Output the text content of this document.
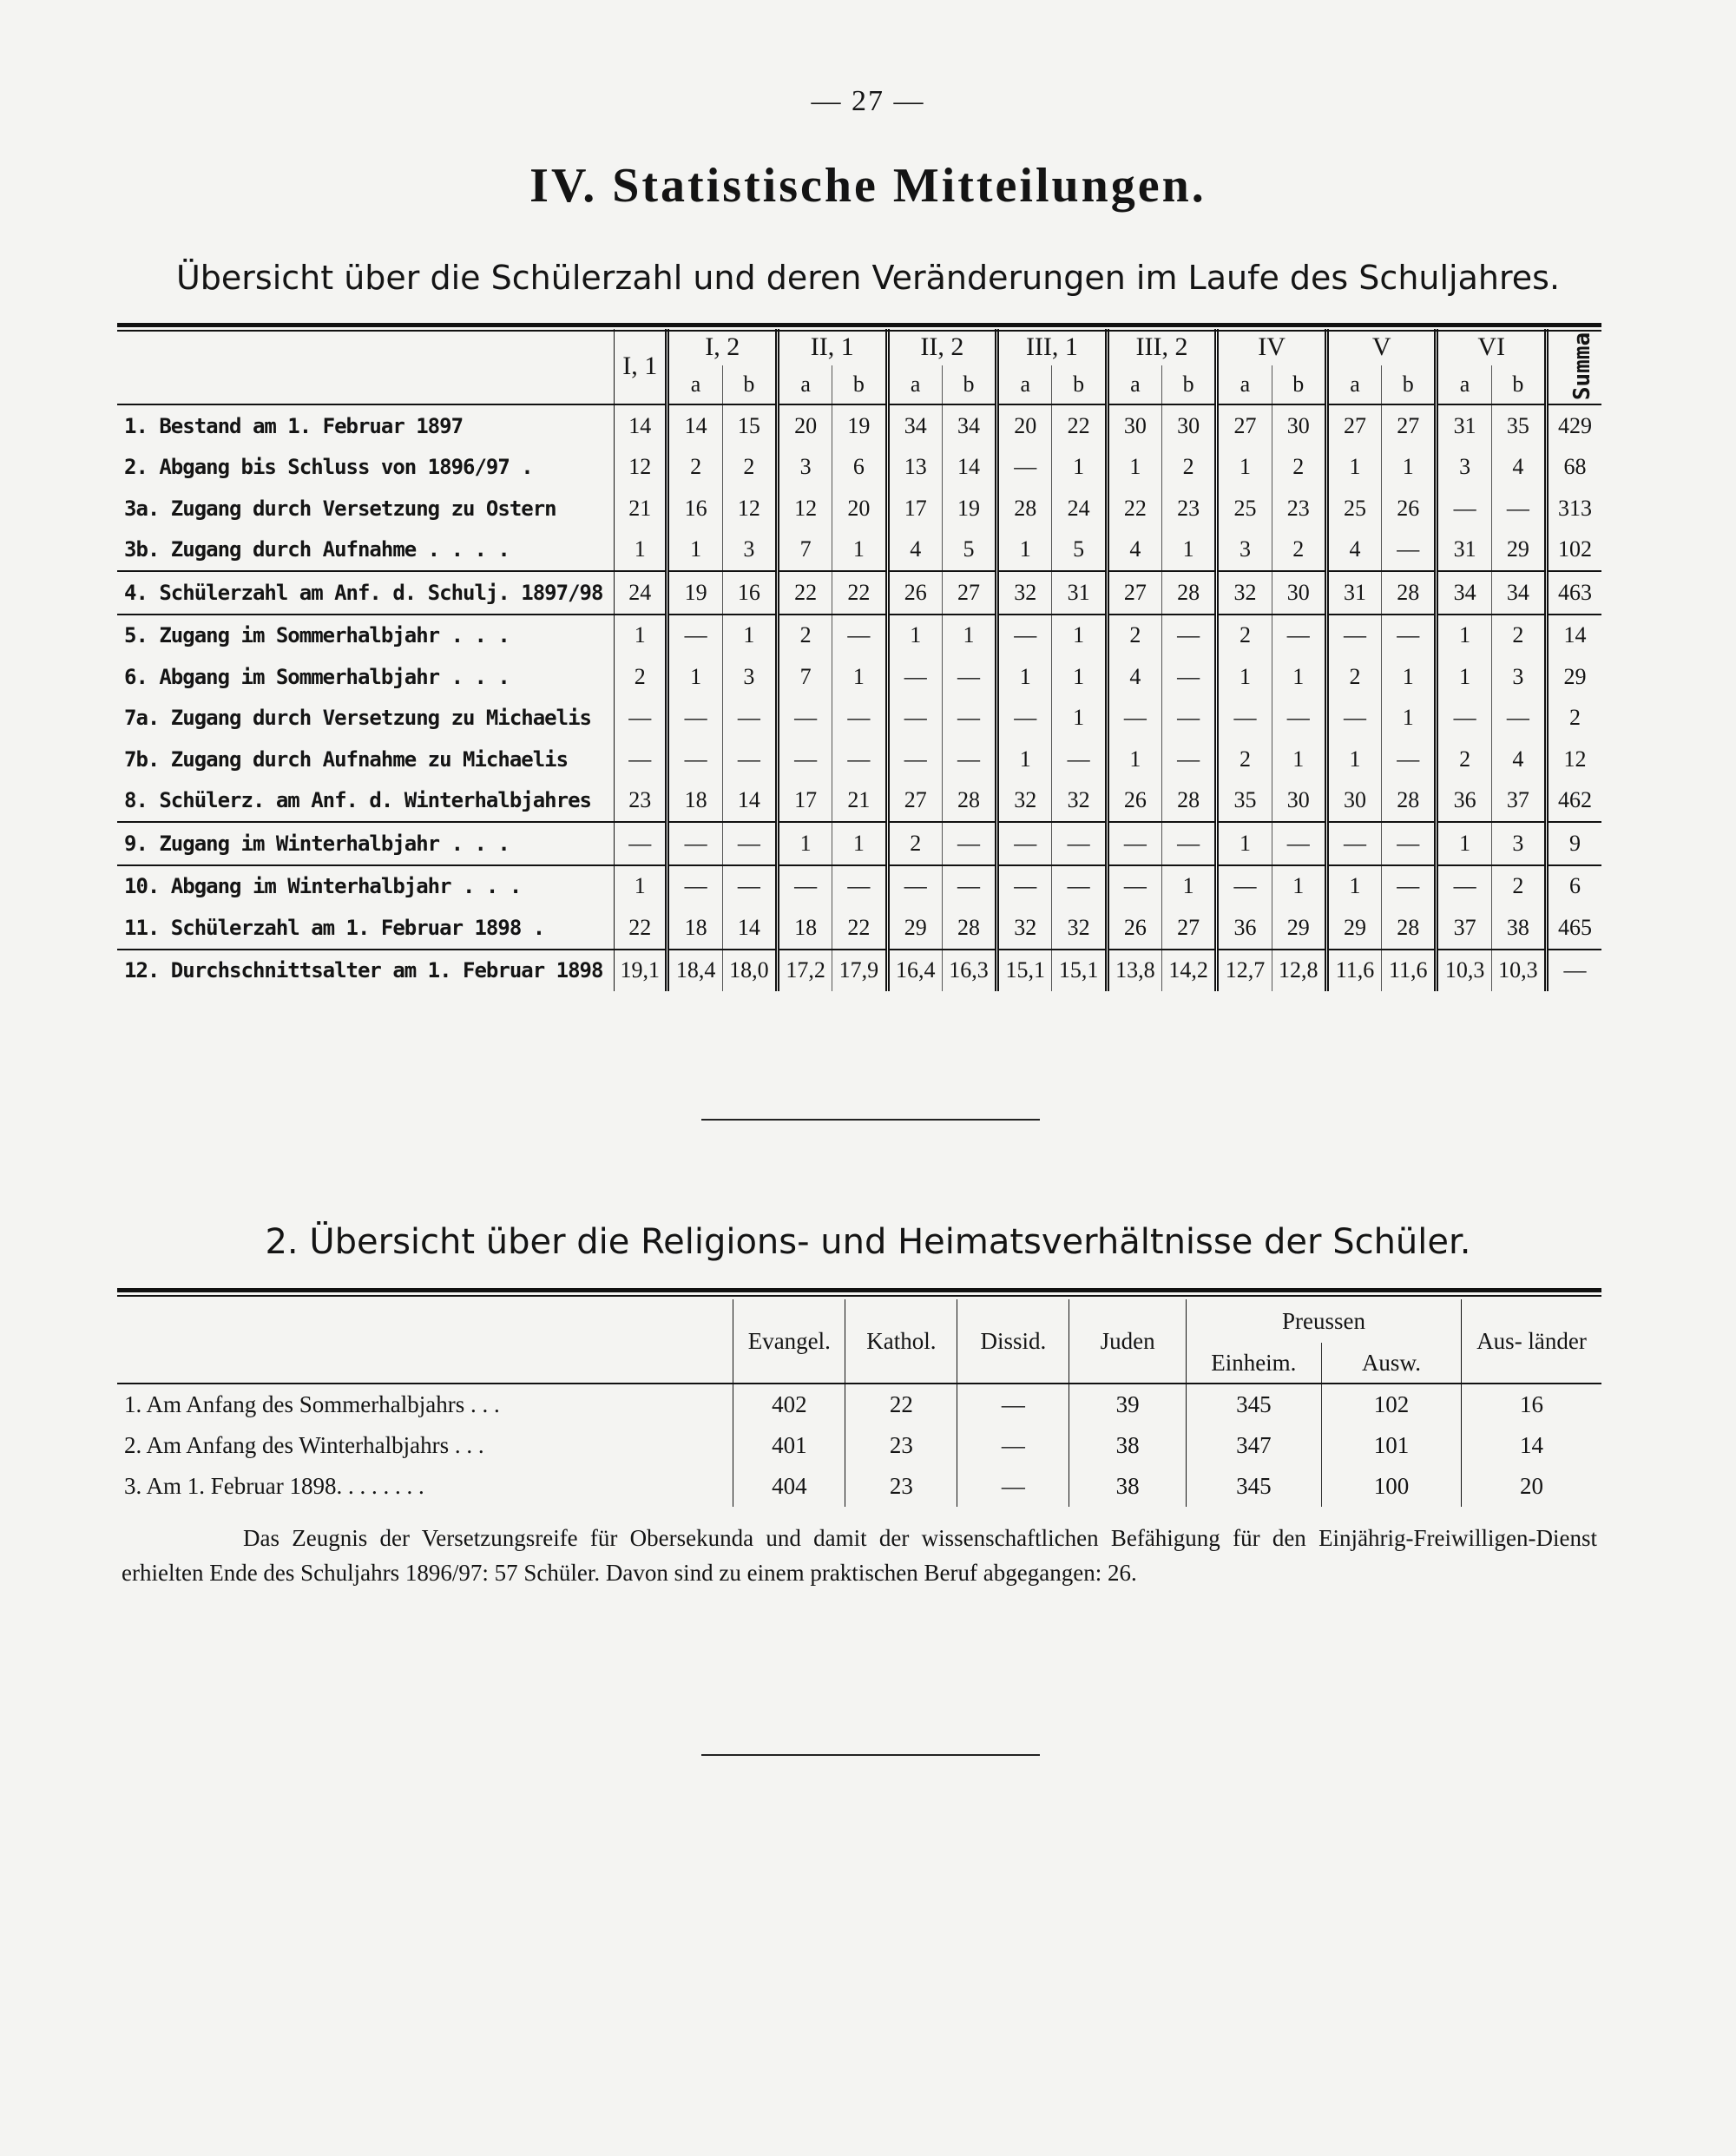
— 27 —
IV. Statistische Mitteilungen.
Übersicht über die Schülerzahl und deren Veränderungen im Laufe des Schuljahres.
	I, 1	I, 2		II, 1		II, 2		III, 1		III, 2		IV		V		VI		Summa
		a	b	a	b	a	b	a	b	a	b	a	b	a	b	a	b	
1. Bestand am 1. Februar 1897	14	14	15	20	19	34	34	20	22	30	30	27	30	27	27	31	35	429
2. Abgang bis Schluss von 1896/97 .	12	2	2	3	6	13	14	—	1	1	2	1	2	1	1	3	4	68
3a. Zugang durch Versetzung zu Ostern	21	16	12	12	20	17	19	28	24	22	23	25	23	25	26	—	—	313
3b. Zugang durch Aufnahme . . . .	1	1	3	7	1	4	5	1	5	4	1	3	2	4	—	31	29	102
4. Schülerzahl am Anf. d. Schulj. 1897/98	24	19	16	22	22	26	27	32	31	27	28	32	30	31	28	34	34	463
5. Zugang im Sommerhalbjahr . . .	1	—	1	2	—	1	1	—	1	2	—	2	—	—	—	1	2	14
6. Abgang im Sommerhalbjahr . . .	2	1	3	7	1	—	—	1	1	4	—	1	1	2	1	1	3	29
7a. Zugang durch Versetzung zu Michaelis	—	—	—	—	—	—	—	—	1	—	—	—	—	—	1	—	—	2
7b. Zugang durch Aufnahme zu Michaelis	—	—	—	—	—	—	—	1	—	1	—	2	1	1	—	2	4	12
8. Schülerz. am Anf. d. Winterhalbjahres	23	18	14	17	21	27	28	32	32	26	28	35	30	30	28	36	37	462
9. Zugang im Winterhalbjahr . . .	—	—	—	1	1	2	—	—	—	—	—	1	—	—	—	1	3	9
10. Abgang im Winterhalbjahr . . .	1	—	—	—	—	—	—	—	—	—	1	—	1	1	—	—	2	6
11. Schülerzahl am 1. Februar 1898 .	22	18	14	18	22	29	28	32	32	26	27	36	29	29	28	37	38	465
12. Durchschnittsalter am 1. Februar 1898	19,1	18,4	18,0	17,2	17,9	16,4	16,3	15,1	15,1	13,8	14,2	12,7	12,8	11,6	11,6	10,3	10,3	—
2. Übersicht über die Religions- und Heimatsverhältnisse der Schüler.
	Evangel.	Kathol.	Dissid.	Juden	Preussen		Aus- länder
					Einheim.	Ausw.	
1. Am Anfang des Sommerhalbjahrs . . .	402	22	—	39	345	102	16
2. Am Anfang des Winterhalbjahrs . . .	401	23	—	38	347	101	14
3. Am 1. Februar 1898. . . . . . . .	404	23	—	38	345	100	20
Das Zeugnis der Versetzungsreife für Obersekunda und damit der wissenschaftlichen Befähigung für den Einjährig-Freiwilligen-Dienst erhielten Ende des Schuljahrs 1896/97: 57 Schüler. Davon sind zu einem praktischen Beruf abgegangen: 26.
